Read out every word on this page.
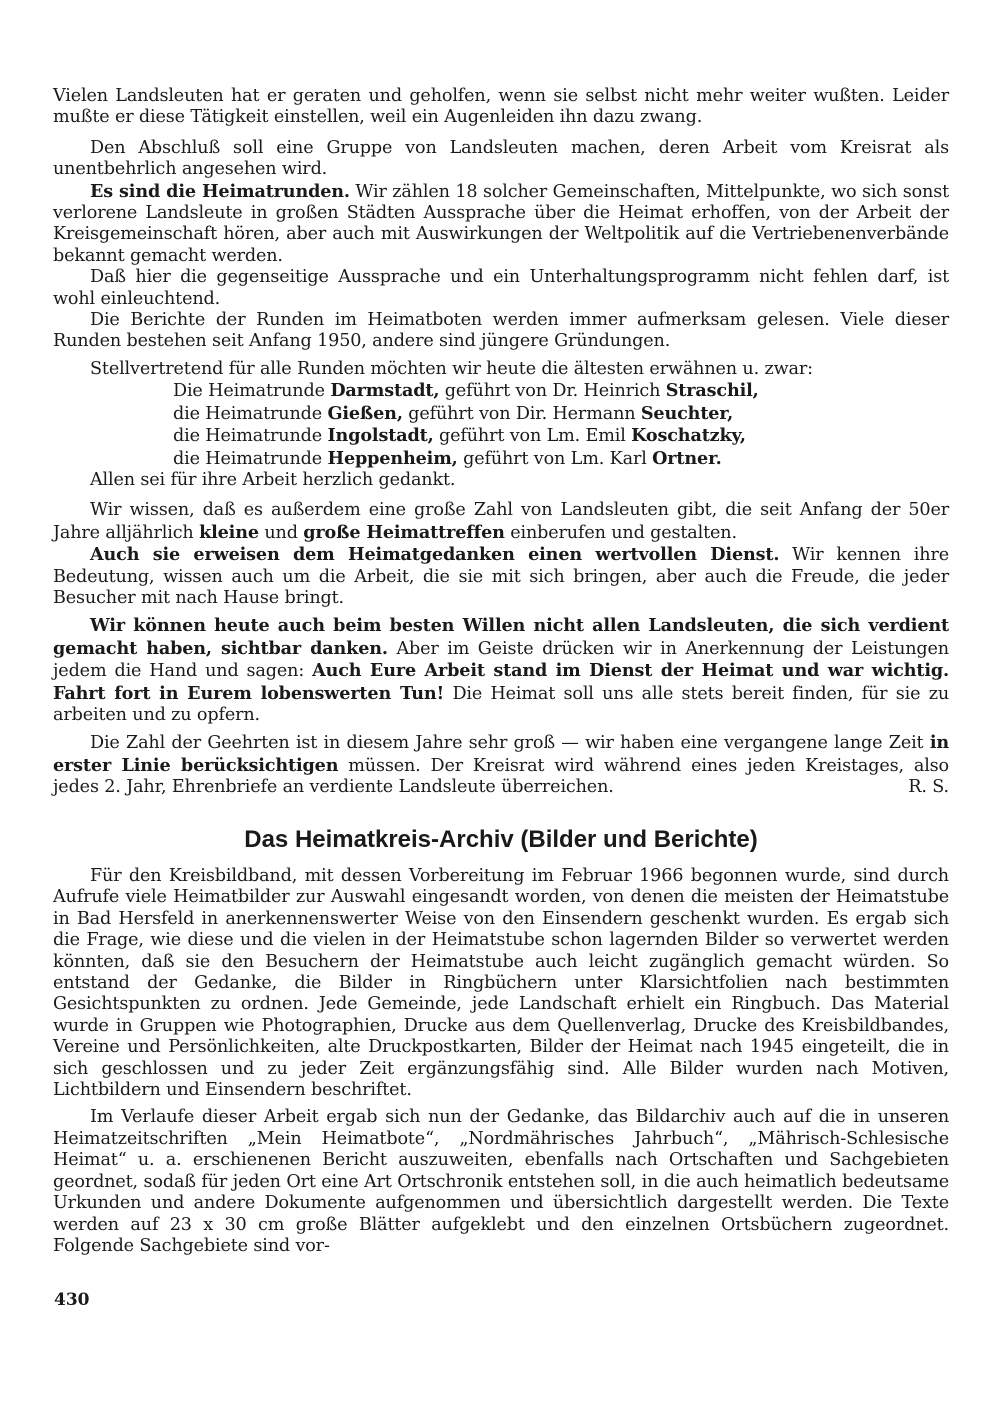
Vielen Landsleuten hat er geraten und geholfen, wenn sie selbst nicht mehr weiter wußten. Leider mußte er diese Tätigkeit einstellen, weil ein Augenleiden ihn dazu zwang.

Den Abschluß soll eine Gruppe von Landsleuten machen, deren Arbeit vom Kreisrat als unentbehrlich angesehen wird.

Es sind die Heimatrunden. Wir zählen 18 solcher Gemeinschaften, Mittelpunkte, wo sich sonst verlorene Landsleute in großen Städten Aussprache über die Heimat erhoffen, von der Arbeit der Kreisgemeinschaft hören, aber auch mit Auswirkungen der Weltpolitik auf die Vertriebenenverbände bekannt gemacht werden.

Daß hier die gegenseitige Aussprache und ein Unterhaltungsprogramm nicht fehlen darf, ist wohl einleuchtend.

Die Berichte der Runden im Heimatboten werden immer aufmerksam gelesen. Viele dieser Runden bestehen seit Anfang 1950, andere sind jüngere Gründungen.

Stellvertretend für alle Runden möchten wir heute die ältesten erwähnen u. zwar:

Die Heimatrunde Darmstadt, geführt von Dr. Heinrich Straschil,

die Heimatrunde Gießen, geführt von Dir. Hermann Seuchter,

die Heimatrunde Ingolstadt, geführt von Lm. Emil Koschatzky,

die Heimatrunde Heppenheim, geführt von Lm. Karl Ortner.

Allen sei für ihre Arbeit herzlich gedankt.

Wir wissen, daß es außerdem eine große Zahl von Landsleuten gibt, die seit Anfang der 50er Jahre alljährlich kleine und große Heimattreffen einberufen und gestalten.

Auch sie erweisen dem Heimatgedanken einen wertvollen Dienst. Wir kennen ihre Bedeutung, wissen auch um die Arbeit, die sie mit sich bringen, aber auch die Freude, die jeder Besucher mit nach Hause bringt.

Wir können heute auch beim besten Willen nicht allen Landsleuten, die sich verdient gemacht haben, sichtbar danken. Aber im Geiste drücken wir in Anerkennung der Leistungen jedem die Hand und sagen: Auch Eure Arbeit stand im Dienst der Heimat und war wichtig. Fahrt fort in Eurem lobenswerten Tun! Die Heimat soll uns alle stets bereit finden, für sie zu arbeiten und zu opfern.

Die Zahl der Geehrten ist in diesem Jahre sehr groß — wir haben eine vergangene lange Zeit in erster Linie berücksichtigen müssen. Der Kreisrat wird während eines jeden Kreistages, also jedes 2. Jahr, Ehrenbriefe an verdiente Landsleute überreichen.	R. S.

Das Heimatkreis-Archiv (Bilder und Berichte)

Für den Kreisbildband, mit dessen Vorbereitung im Februar 1966 begonnen wurde, sind durch Aufrufe viele Heimatbilder zur Auswahl eingesandt worden, von denen die meisten der Heimatstube in Bad Hersfeld in anerkennenswerter Weise von den Einsendern geschenkt wurden. Es ergab sich die Frage, wie diese und die vielen in der Heimatstube schon lagernden Bilder so verwertet werden könnten, daß sie den Besuchern der Heimatstube auch leicht zugänglich gemacht würden. So entstand der Gedanke, die Bilder in Ringbüchern unter Klarsichtfolien nach bestimmten Gesichtspunkten zu ordnen. Jede Gemeinde, jede Landschaft erhielt ein Ringbuch. Das Material wurde in Gruppen wie Photographien, Drucke aus dem Quellenverlag, Drucke des Kreisbildbandes, Vereine und Persönlichkeiten, alte Druckpostkarten, Bilder der Heimat nach 1945 eingeteilt, die in sich geschlossen und zu jeder Zeit ergänzungsfähig sind. Alle Bilder wurden nach Motiven, Lichtbildern und Einsendern beschriftet.

Im Verlaufe dieser Arbeit ergab sich nun der Gedanke, das Bildarchiv auch auf die in unseren Heimatzeitschriften „Mein Heimatbote“, „Nordmährisches Jahrbuch“, „Mährisch-Schlesische Heimat“ u. a. erschienenen Bericht auszuweiten, ebenfalls nach Ortschaften und Sachgebieten geordnet, sodaß für jeden Ort eine Art Ortschronik entstehen soll, in die auch heimatlich bedeutsame Urkunden und andere Dokumente aufgenommen und übersichtlich dargestellt werden. Die Texte werden auf 23 x 30 cm große Blätter aufgeklebt und den einzelnen Ortsbüchern zugeordnet. Folgende Sachgebiete sind vor-

430
